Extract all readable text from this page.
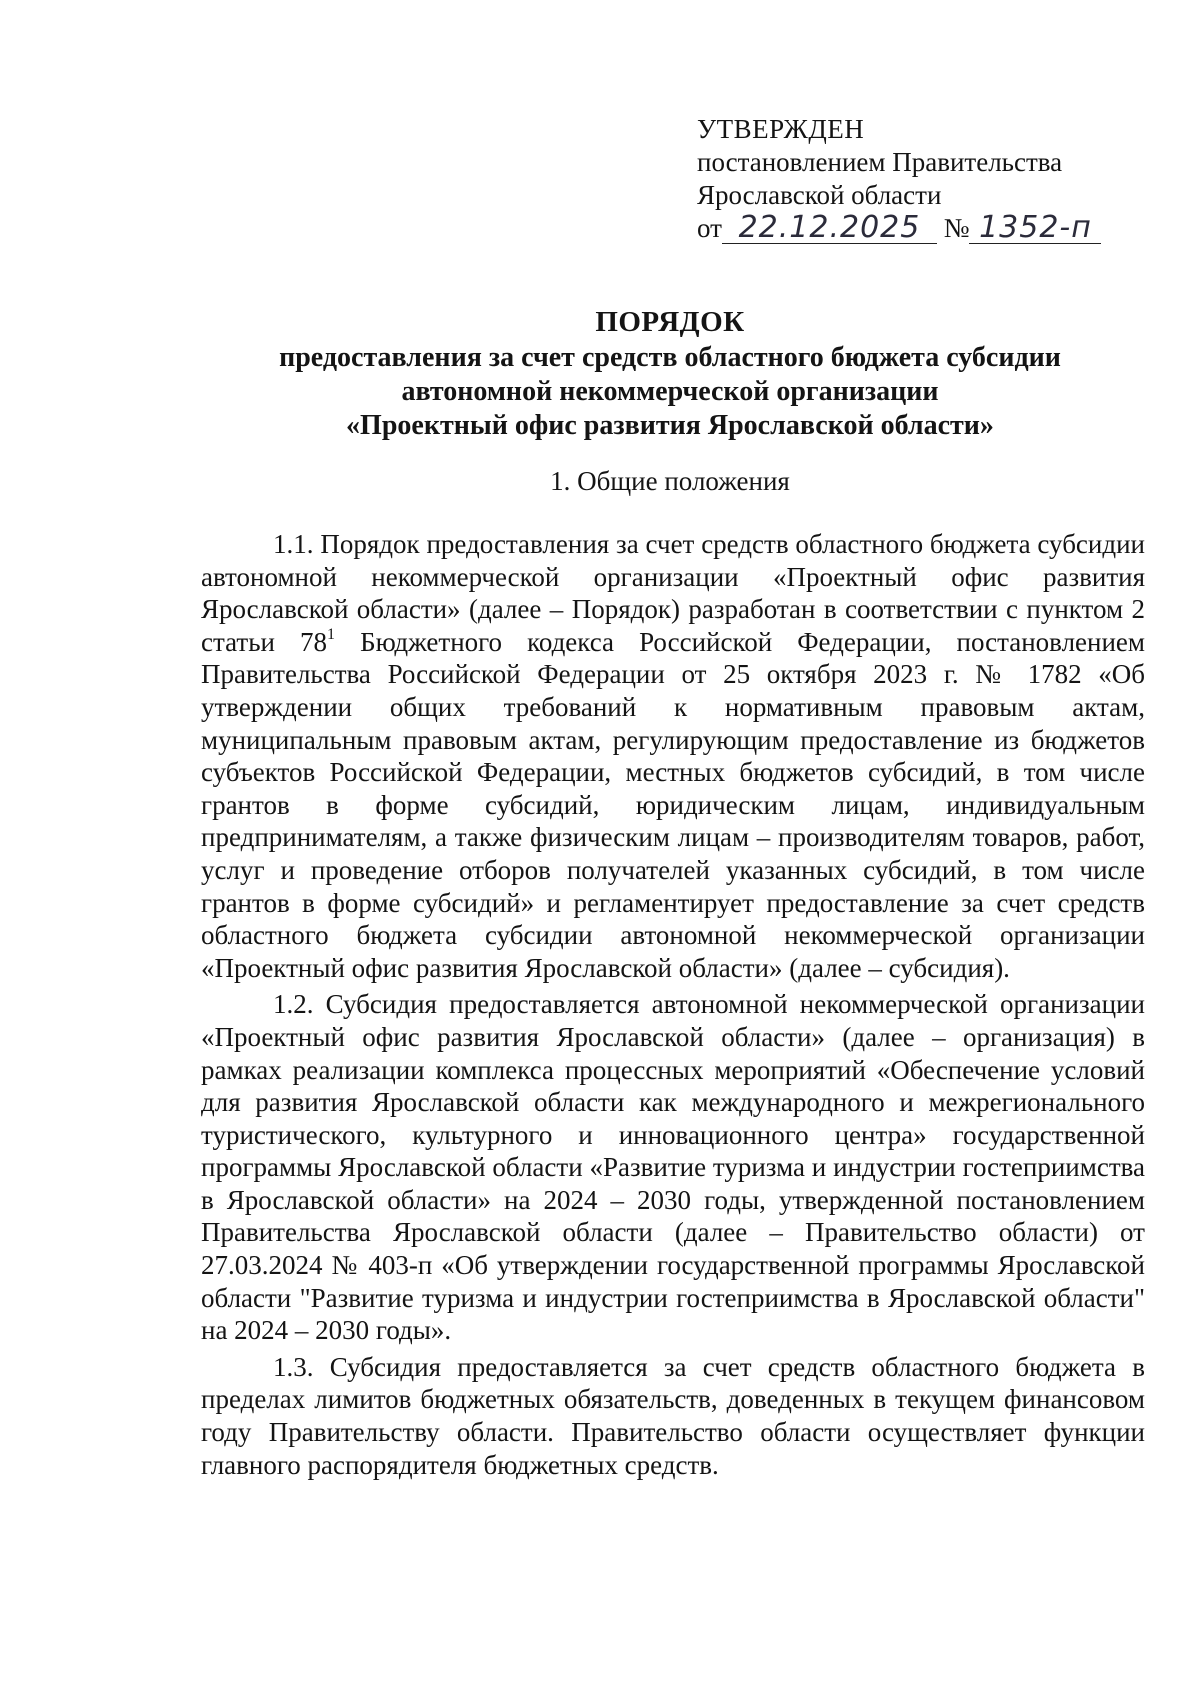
УТВЕРЖДЕН
постановлением Правительства
Ярославской области
от 22.12.2025 № 1352-п
ПОРЯДОК
предоставления за счет средств областного бюджета субсидии
автономной некоммерческой организации
«Проектный офис развития Ярославской области»
1. Общие положения

1.1. Порядок предоставления за счет средств областного бюджета субсидии автономной некоммерческой организации «Проектный офис развития Ярославской области» (далее – Порядок) разработан в соответствии с пунктом 2 статьи $78^1$ Бюджетного кодекса Российской Федерации, постановлением Правительства Российской Федерации от 25 октября 2023 г. № 1782 «Об утверждении общих требований к нормативным правовым актам, муниципальным правовым актам, регулирующим предоставление из бюджетов субъектов Российской Федерации, местных бюджетов субсидий, в том числе грантов в форме субсидий, юридическим лицам, индивидуальным предпринимателям, а также физическим лицам – производителям товаров, работ, услуг и проведение отборов получателей указанных субсидий, в том числе грантов в форме субсидий» и регламентирует предоставление за счет средств областного бюджета субсидии автономной некоммерческой организации «Проектный офис развития Ярославской области» (далее – субсидия).

1.2. Субсидия предоставляется автономной некоммерческой организации «Проектный офис развития Ярославской области» (далее – организация) в рамках реализации комплекса процессных мероприятий «Обеспечение условий для развития Ярославской области как международного и межрегионального туристического, культурного и инновационного центра» государственной программы Ярославской области «Развитие туризма и индустрии гостеприимства в Ярославской области» на 2024 – 2030 годы, утвержденной постановлением Правительства Ярославской области (далее – Правительство области) от 27.03.2024 № 403-п «Об утверждении государственной программы Ярославской области "Развитие туризма и индустрии гостеприимства в Ярославской области" на 2024 – 2030 годы».

1.3. Субсидия предоставляется за счет средств областного бюджета в пределах лимитов бюджетных обязательств, доведенных в текущем финансовом году Правительству области. Правительство области осуществляет функции главного распорядителя бюджетных средств.
